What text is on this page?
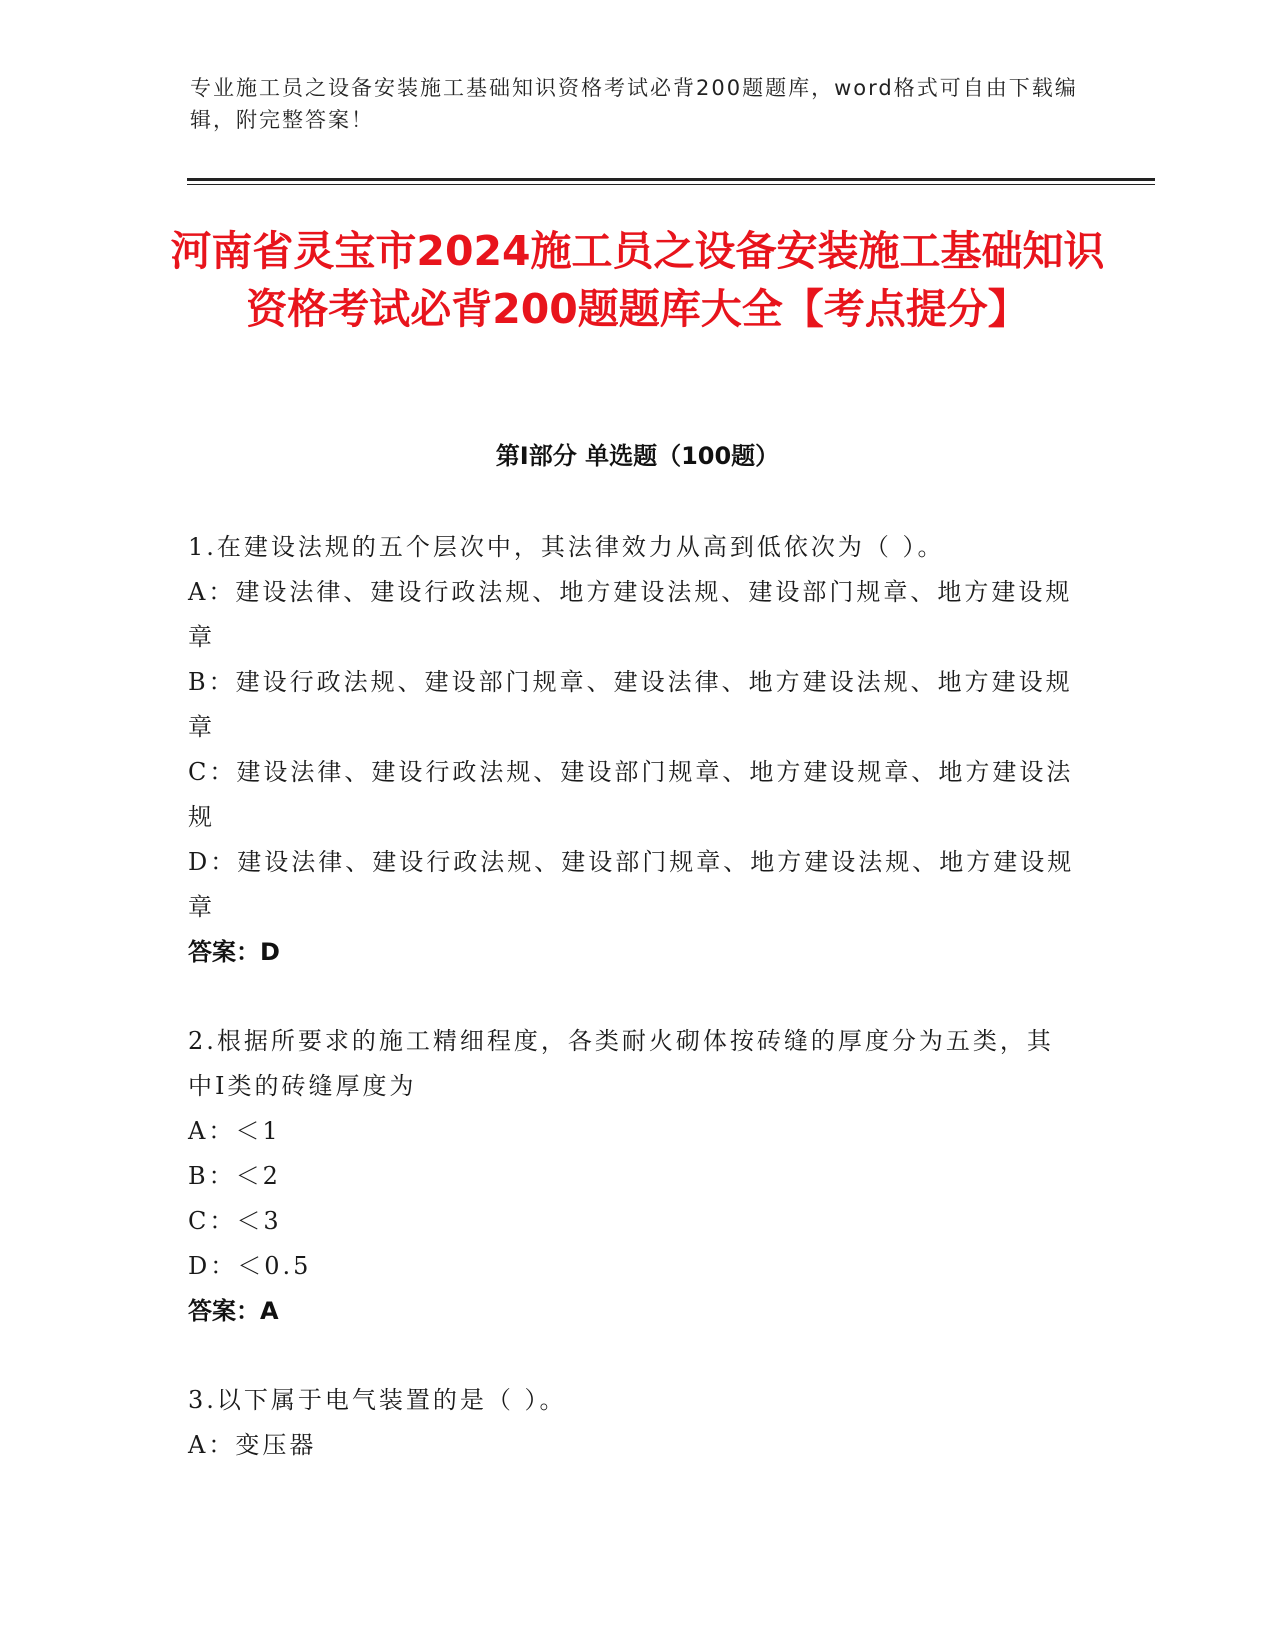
专业施工员之设备安装施工基础知识资格考试必背200题题库，word格式可自由下载编辑，附完整答案！
河南省灵宝市2024施工员之设备安装施工基础知识资格考试必背200题题库大全【考点提分】
第Ⅰ部分 单选题（100题）
1.在建设法规的五个层次中，其法律效力从高到低依次为（ ）。
A：建设法律、建设行政法规、地方建设法规、建设部门规章、地方建设规章
B：建设行政法规、建设部门规章、建设法律、地方建设法规、地方建设规章
C：建设法律、建设行政法规、建设部门规章、地方建设规章、地方建设法规
D：建设法律、建设行政法规、建设部门规章、地方建设法规、地方建设规章
答案：D
2.根据所要求的施工精细程度，各类耐火砌体按砖缝的厚度分为五类，其中Ⅰ类的砖缝厚度为
A：＜1
B：＜2
C：＜3
D：＜0.5
答案：A
3.以下属于电气装置的是（ ）。
A：变压器
